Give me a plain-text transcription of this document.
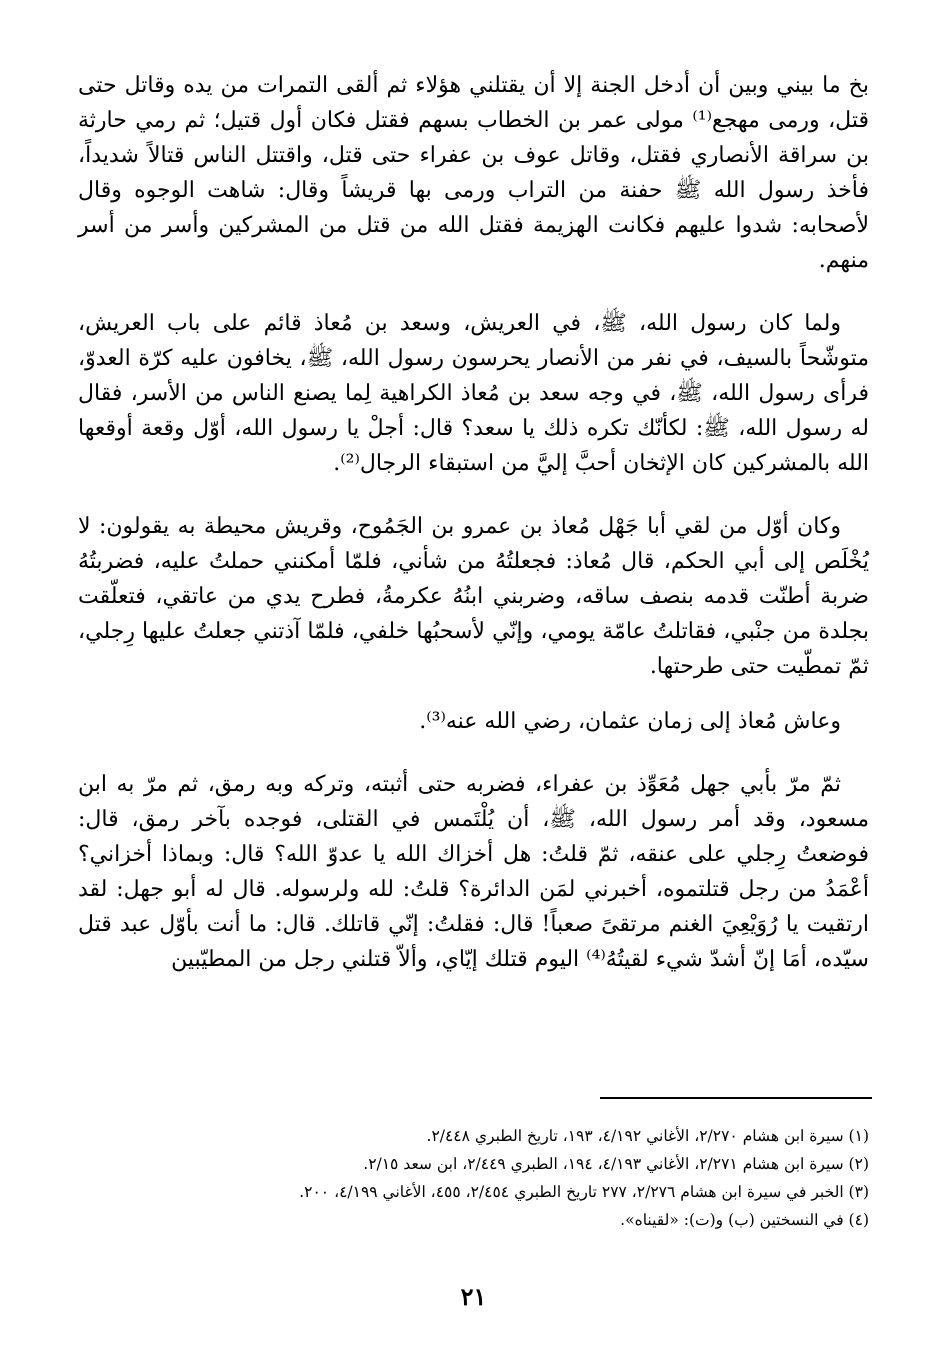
بخ ما بيني وبين أن أدخل الجنة إلا أن يقتلني هؤلاء ثم ألقى التمرات من يده وقاتل حتى قتل، ورمى مهجع⁽¹⁾ مولى عمر بن الخطاب بسهم فقتل فكان أول قتيل؛ ثم رمي حارثة بن سراقة الأنصاري فقتل، وقاتل عوف بن عفراء حتى قتل، واقتتل الناس قتالاً شديداً، فأخذ رسول الله ﷺ حفنة من التراب ورمى بها قريشاً وقال: شاهت الوجوه وقال لأصحابه: شدوا عليهم فكانت الهزيمة فقتل الله من قتل من المشركين وأسر من أسر منهم.

ولما كان رسول الله، ﷺ، في العريش، وسعد بن مُعاذ قائم على باب العريش، متوشّحاً بالسيف، في نفر من الأنصار يحرسون رسول الله، ﷺ، يخافون عليه كرّة العدوّ، فرأى رسول الله، ﷺ، في وجه سعد بن مُعاذ الكراهية لِما يصنع الناس من الأسر، فقال له رسول الله، ﷺ: لكأنّك تكره ذلك يا سعد؟ قال: أجلْ يا رسول الله، أوّل وقعة أوقعها الله بالمشركين كان الإثخان أحبَّ إليَّ من استبقاء الرجال⁽²⁾.

وكان أوّل من لقي أبا جَهْل مُعاذ بن عمرو بن الجَمُوح، وقريش محيطة به يقولون: لا يُخْلَص إلى أبي الحكم، قال مُعاذ: فجعلتُهُ من شأني، فلمّا أمكنني حملتُ عليه، فضربتُهُ ضربة أطنّت قدمه بنصف ساقه، وضربني ابنُهُ عكرمةُ، فطرح يدي من عاتقي، فتعلّقت بجلدة من جنْبي، فقاتلتُ عامّة يومي، وإنّي لأسحبُها خلفي، فلمّا آذتني جعلتُ عليها رِجلي، ثمّ تمطّيت حتى طرحتها.

وعاش مُعاذ إلى زمان عثمان، رضي الله عنه⁽³⁾.

ثمّ مرّ بأبي جهل مُعَوِّذ بن عفراء، فضربه حتى أثبته، وتركه وبه رمق، ثم مرّ به ابن مسعود، وقد أمر رسول الله، ﷺ، أن يُلْتَمس في القتلى، فوجده بآخر رمق، قال: فوضعتُ رِجلي على عنقه، ثمّ قلتُ: هل أخزاك الله يا عدوّ الله؟ قال: وبماذا أخزاني؟ أعْمَدُ من رجل قتلتموه، أخبرني لمَن الدائرة؟ قلتُ: لله ولرسوله. قال له أبو جهل: لقد ارتقيت يا رُوَيْعِيَ الغنم مرتقىً صعباً! قال: فقلتُ: إنّي قاتلك. قال: ما أنت بأوّل عبد قتل سيّده، أمَا إنّ أشدّ شيء لقيتُهُ⁽⁴⁾ اليوم قتلك إيّاي، وألاّ قتلني رجل من المطيّبين

(١) سيرة ابن هشام ٢/٢٧٠، الأغاني ٤/١٩٢، ١٩٣، تاريخ الطبري ٢/٤٤٨.
(٢) سيرة ابن هشام ٢/٢٧١، الأغاني ٤/١٩٣، ١٩٤، الطبري ٢/٤٤٩، ابن سعد ٢/١٥.
(٣) الخبر في سيرة ابن هشام ٢/٢٧٦، ٢٧٧ تاريخ الطبري ٢/٤٥٤، ٤٥٥، الأغاني ٤/١٩٩، ٢٠٠.
(٤) في النسختين (ب) و(ت): «لقيناه».
٢١
